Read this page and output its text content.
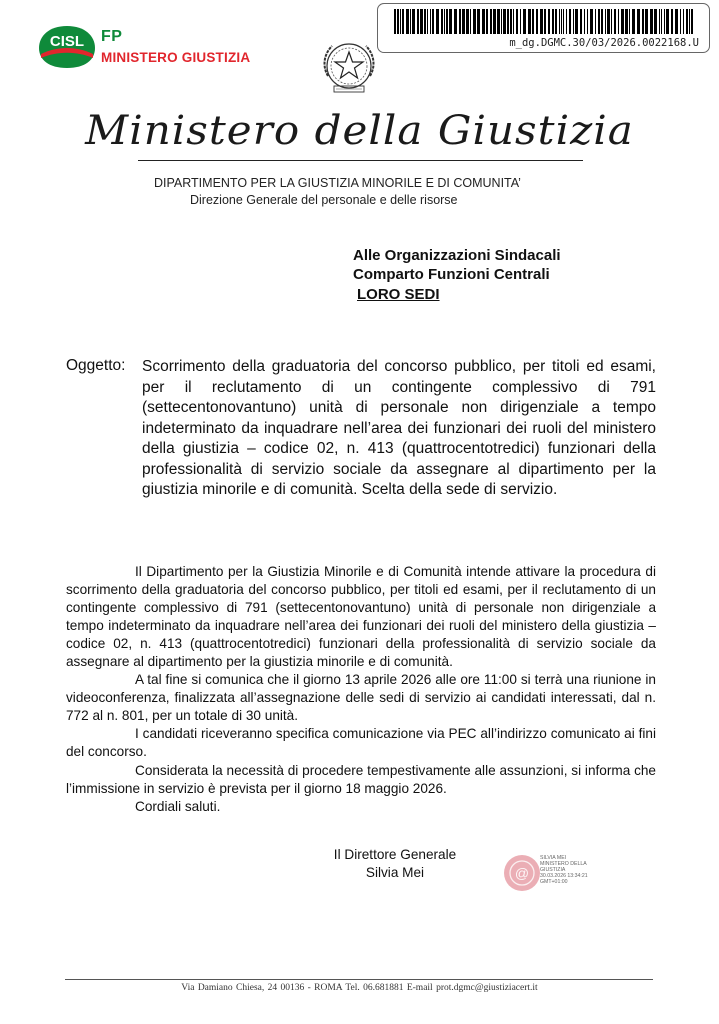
CISL FP
MINISTERO GIUSTIZIA
m_dg.DGMC.30/03/2026.0022168.U
Ministero della Giustizia
DIPARTIMENTO PER LA GIUSTIZIA MINORILE E DI COMUNITA’
Direzione Generale del personale e delle risorse
Alle Organizzazioni Sindacali
Comparto Funzioni Centrali
LORO SEDI
Oggetto: Scorrimento della graduatoria del concorso pubblico, per titoli ed esami, per il reclutamento di un contingente complessivo di 791 (settecentonovantuno) unità di personale non dirigenziale a tempo indeterminato da inquadrare nell’area dei funzionari dei ruoli del ministero della giustizia – codice 02, n. 413 (quattrocentotredici) funzionari della professionalità di servizio sociale da assegnare al dipartimento per la giustizia minorile e di comunità. Scelta della sede di servizio.

Il Dipartimento per la Giustizia Minorile e di Comunità intende attivare la procedura di scorrimento della graduatoria del concorso pubblico, per titoli ed esami, per il reclutamento di un contingente complessivo di 791 (settecentonovantuno) unità di personale non dirigenziale a tempo indeterminato da inquadrare nell’area dei funzionari dei ruoli del ministero della giustizia – codice 02, n. 413 (quattrocentotredici) funzionari della professionalità di servizio sociale da assegnare al dipartimento per la giustizia minorile e di comunità.

A tal fine si comunica che il giorno 13 aprile 2026 alle ore 11:00 si terrà una riunione in videoconferenza, finalizzata all’assegnazione delle sedi di servizio ai candidati interessati, dal n. 772 al n. 801, per un totale di 30 unità.

I candidati riceveranno specifica comunicazione via PEC all’indirizzo comunicato ai fini del concorso.

Considerata la necessità di procedere tempestivamente alle assunzioni, si informa che l’immissione in servizio è prevista per il giorno 18 maggio 2026.

Cordiali saluti.

Il Direttore Generale
Silvia Mei	@
SILVIA MEI
MINISTERO DELLA
GIUSTIZIA
30.03.2026 13:34:21
GMT+01:00
Via Damiano Chiesa, 24 00136 - ROMA Tel. 06.681881 E-mail prot.dgmc@giustiziacert.it
